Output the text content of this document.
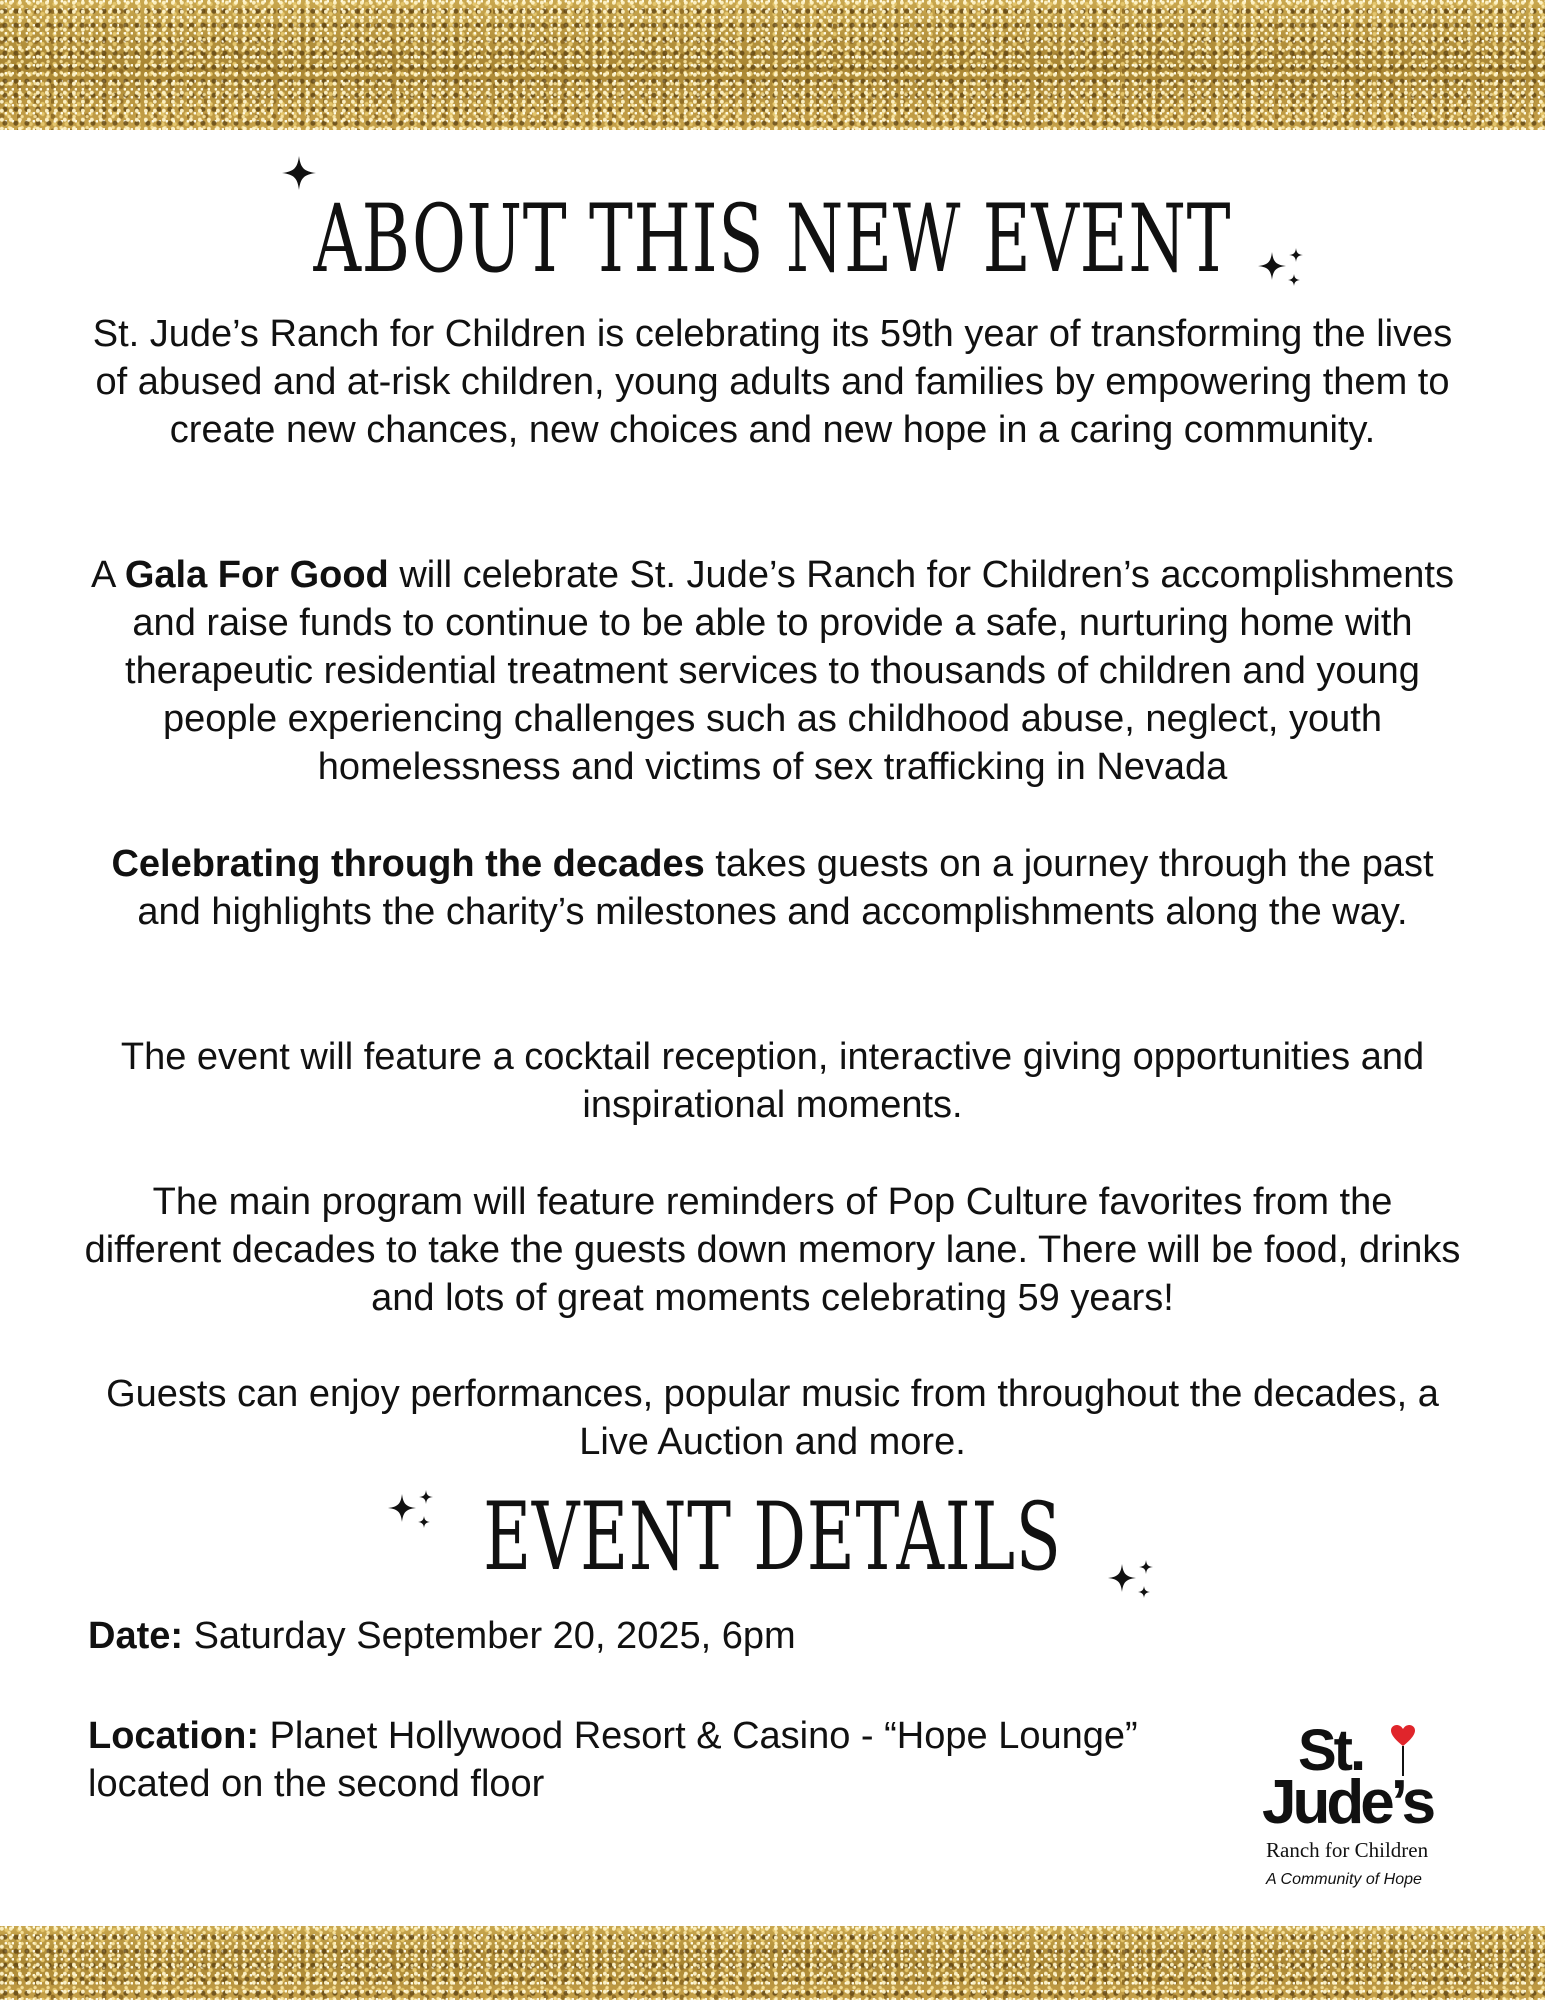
ABOUT THIS NEW EVENT

St. Jude’s Ranch for Children is celebrating its 59th year of transforming the lives of abused and at-risk children, young adults and families by empowering them to create new chances, new choices and new hope in a caring community.

A Gala For Good will celebrate St. Jude’s Ranch for Children’s accomplishments and raise funds to continue to be able to provide a safe, nurturing home with therapeutic residential treatment services to thousands of children and young people experiencing challenges such as childhood abuse, neglect, youth homelessness and victims of sex trafficking in Nevada

Celebrating through the decades takes guests on a journey through the past and highlights the charity’s milestones and accomplishments along the way.

The event will feature a cocktail reception, interactive giving opportunities and inspirational moments.

The main program will feature reminders of Pop Culture favorites from the different decades to take the guests down memory lane. There will be food, drinks and lots of great moments celebrating 59 years!

Guests can enjoy performances, popular music from throughout the decades, a Live Auction and more.

EVENT DETAILS

Date: Saturday September 20, 2025, 6pm

Location: Planet Hollywood Resort & Casino - “Hope Lounge” located on the second floor

St.
Jude’s
Ranch for Children
A Community of Hope
